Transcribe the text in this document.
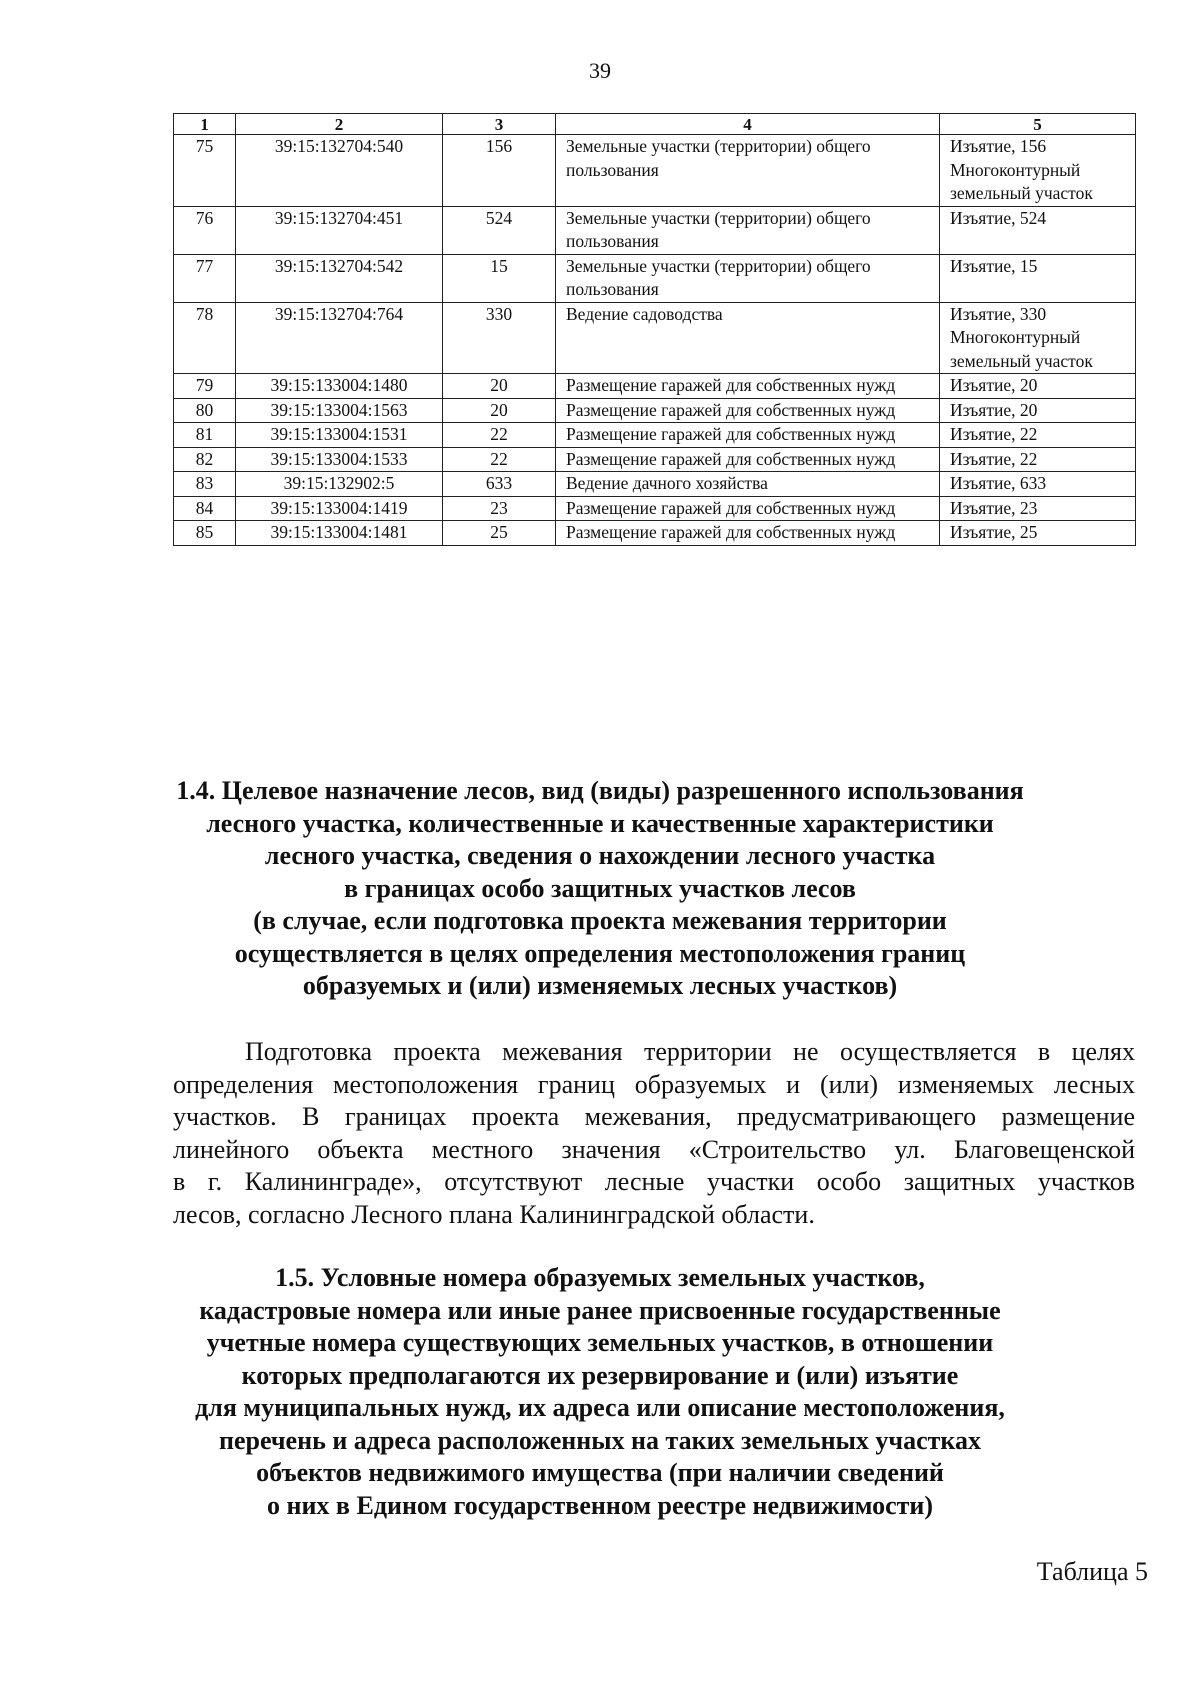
39
1	2	3	4	5
75	39:15:132704:540	156	Земельные участки (территории) общего пользования	Изъятие, 156 Многоконтурный земельный участок
76	39:15:132704:451	524	Земельные участки (территории) общего пользования	Изъятие, 524
77	39:15:132704:542	15	Земельные участки (территории) общего пользования	Изъятие, 15
78	39:15:132704:764	330	Ведение садоводства	Изъятие, 330 Многоконтурный земельный участок
79	39:15:133004:1480	20	Размещение гаражей для собственных нужд	Изъятие, 20
80	39:15:133004:1563	20	Размещение гаражей для собственных нужд	Изъятие, 20
81	39:15:133004:1531	22	Размещение гаражей для собственных нужд	Изъятие, 22
82	39:15:133004:1533	22	Размещение гаражей для собственных нужд	Изъятие, 22
83	39:15:132902:5	633	Ведение дачного хозяйства	Изъятие, 633
84	39:15:133004:1419	23	Размещение гаражей для собственных нужд	Изъятие, 23
85	39:15:133004:1481	25	Размещение гаражей для собственных нужд	Изъятие, 25
1.4. Целевое назначение лесов, вид (виды) разрешенного использования
лесного участка, количественные и качественные характеристики
лесного участка, сведения о нахождении лесного участка
в границах особо защитных участков лесов
(в случае, если подготовка проекта межевания территории
осуществляется в целях определения местоположения границ
образуемых и (или) изменяемых лесных участков)
Подготовка проекта межевания территории не осуществляется в целях
определения местоположения границ образуемых и (или) изменяемых лесных
участков. В границах проекта межевания, предусматривающего размещение
линейного объекта местного значения «Строительство ул. Благовещенской
в г. Калининграде», отсутствуют лесные участки особо защитных участков
лесов, согласно Лесного плана Калининградской области.
1.5. Условные номера образуемых земельных участков,
кадастровые номера или иные ранее присвоенные государственные
учетные номера существующих земельных участков, в отношении
которых предполагаются их резервирование и (или) изъятие
для муниципальных нужд, их адреса или описание местоположения,
перечень и адреса расположенных на таких земельных участках
объектов недвижимого имущества (при наличии сведений
о них в Едином государственном реестре недвижимости)
Таблица 5
